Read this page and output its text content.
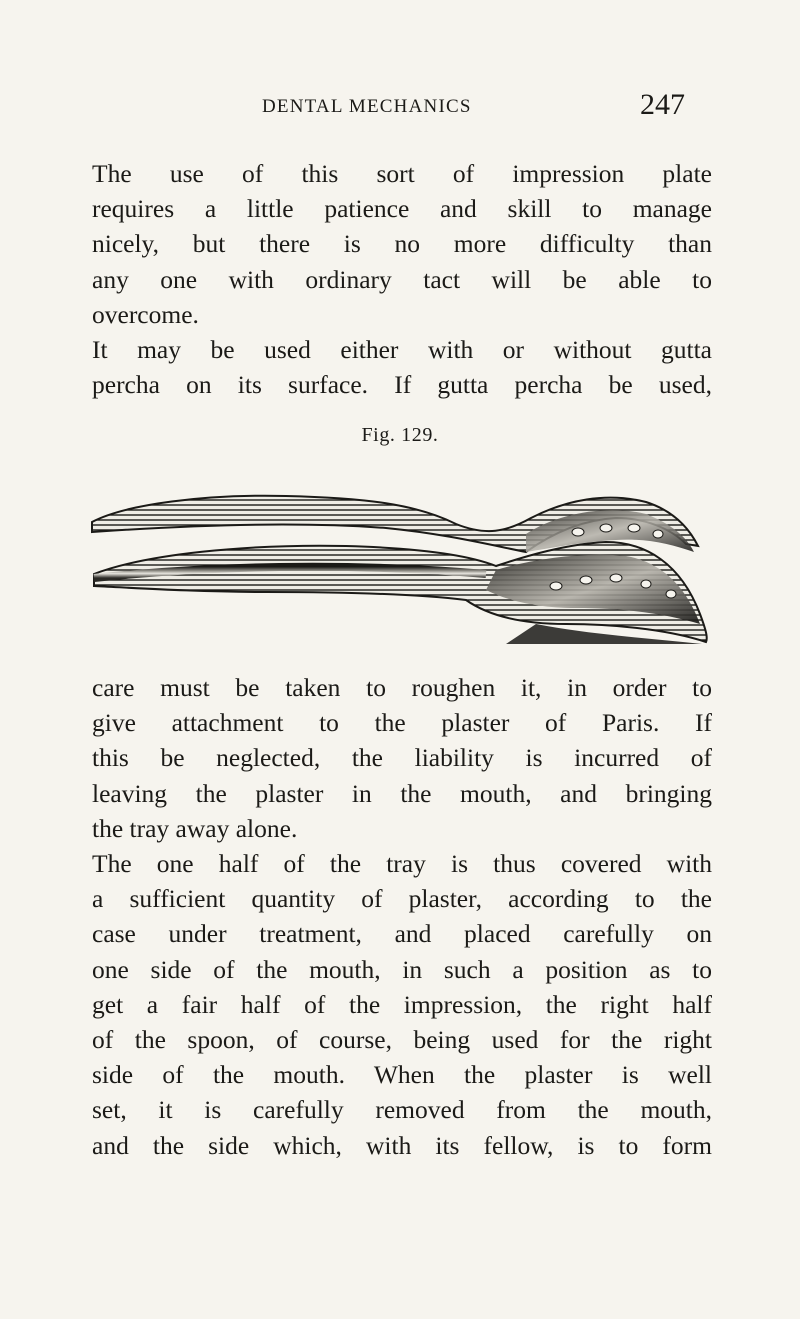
DENTAL MECHANICS	247

The use of this sort of impression plate
requires a little patience and skill to manage
nicely, but there is no more difficulty than
any one with ordinary tact will be able to
overcome.

It may be used either with or without gutta
percha on its surface. If gutta percha be used,

Fig. 129.

care must be taken to roughen it, in order to
give attachment to the plaster of Paris. If
this be neglected, the liability is incurred of
leaving the plaster in the mouth, and bringing
the tray away alone.

The one half of the tray is thus covered with
a sufficient quantity of plaster, according to the
case under treatment, and placed carefully on
one side of the mouth, in such a position as to
get a fair half of the impression, the right half
of the spoon, of course, being used for the right
side of the mouth. When the plaster is well
set, it is carefully removed from the mouth,
and the side which, with its fellow, is to form
